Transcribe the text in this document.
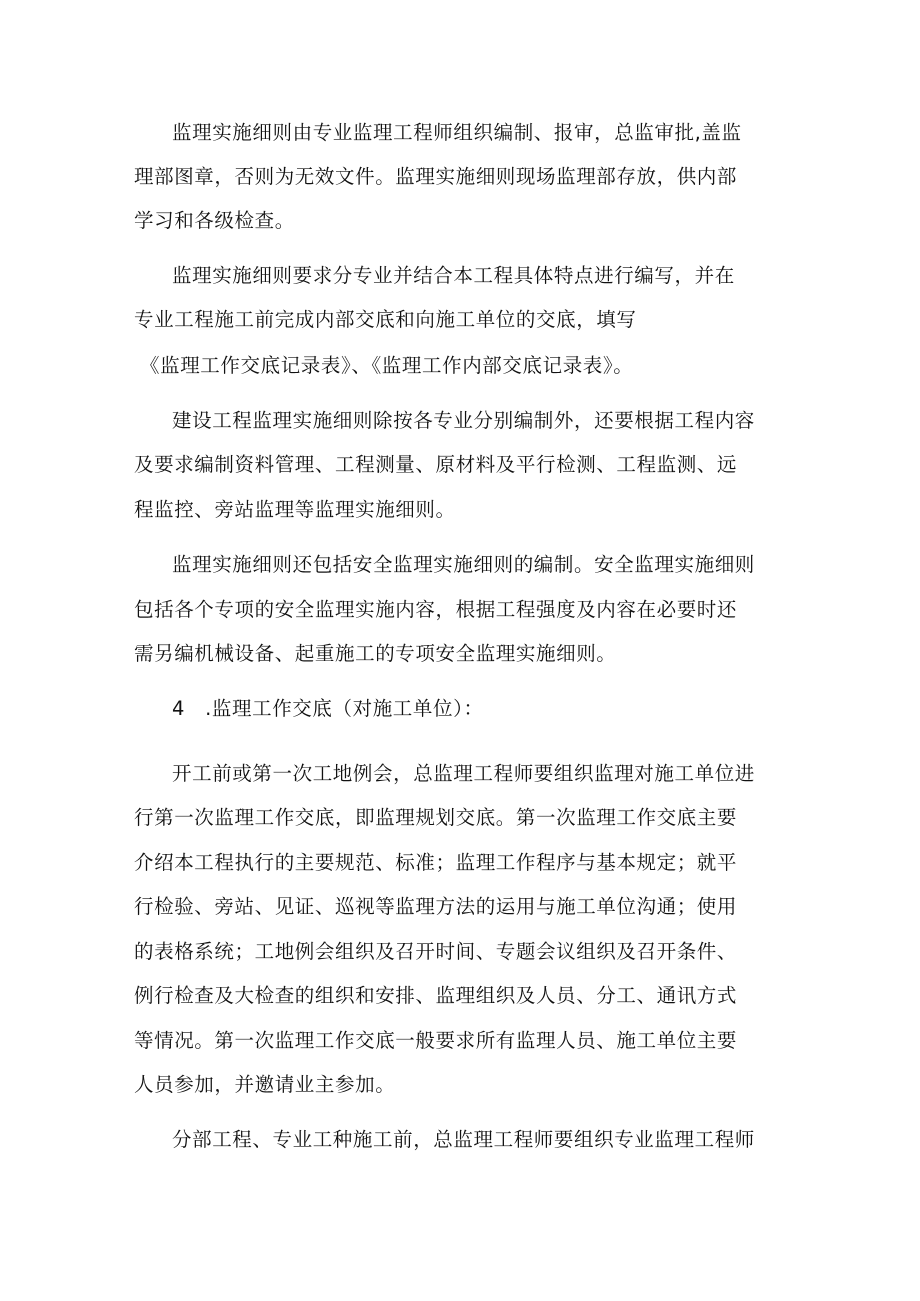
监理实施细则由专业监理工程师组织编制、报审，总监审批,盖监

理部图章，否则为无效文件。监理实施细则现场监理部存放，供内部

学习和各级检查。

监理实施细则要求分专业并结合本工程具体特点进行编写，并在

专业工程施工前完成内部交底和向施工单位的交底，填写

《监理工作交底记录表》、《监理工作内部交底记录表》。

建设工程监理实施细则除按各专业分别编制外，还要根据工程内容

及要求编制资料管理、工程测量、原材料及平行检测、工程监测、远

程监控、旁站监理等监理实施细则。

监理实施细则还包括安全监理实施细则的编制。安全监理实施细则

包括各个专项的安全监理实施内容，根据工程强度及内容在必要时还

需另编机械设备、起重施工的专项安全监理实施细则。

4　.监理工作交底（对施工单位）：

开工前或第一次工地例会，总监理工程师要组织监理对施工单位进

行第一次监理工作交底，即监理规划交底。第一次监理工作交底主要

介绍本工程执行的主要规范、标准；监理工作程序与基本规定；就平

行检验、旁站、见证、巡视等监理方法的运用与施工单位沟通；使用

的表格系统；工地例会组织及召开时间、专题会议组织及召开条件、

例行检查及大检查的组织和安排、监理组织及人员、分工、通讯方式

等情况。第一次监理工作交底一般要求所有监理人员、施工单位主要

人员参加，并邀请业主参加。

分部工程、专业工种施工前，总监理工程师要组织专业监理工程师
